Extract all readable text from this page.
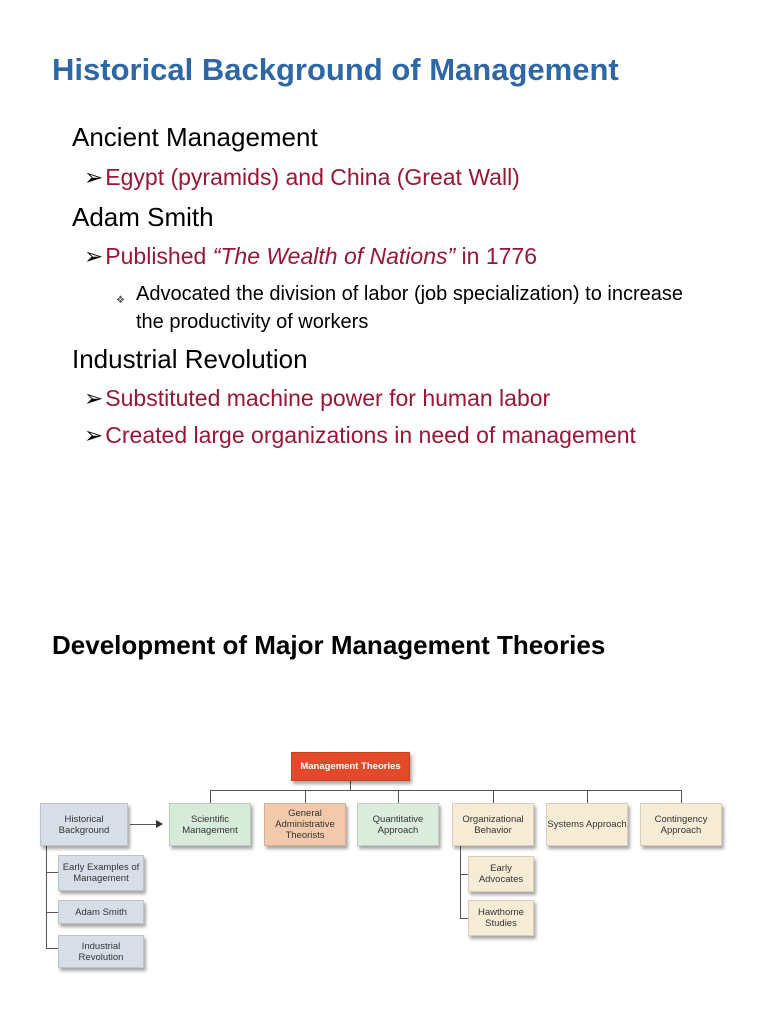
Historical Background of Management
Ancient Management
➢Egypt (pyramids) and China (Great Wall)
Adam Smith
➢Published “The Wealth of Nations” in 1776
❖ Advocated the division of labor (job specialization) to increase the productivity of workers
Industrial Revolution
➢Substituted machine power for human labor
➢Created large organizations in need of management
Development of Major Management Theories
Management Theories
Historical Background
Early Examples of Management
Adam Smith
Industrial Revolution
Scientific Management
General Administrative Theorists
Quantitative Approach
Organizational Behavior	Systems Approach	Contingency Approach
Early Advocates
Hawthorne Studies
